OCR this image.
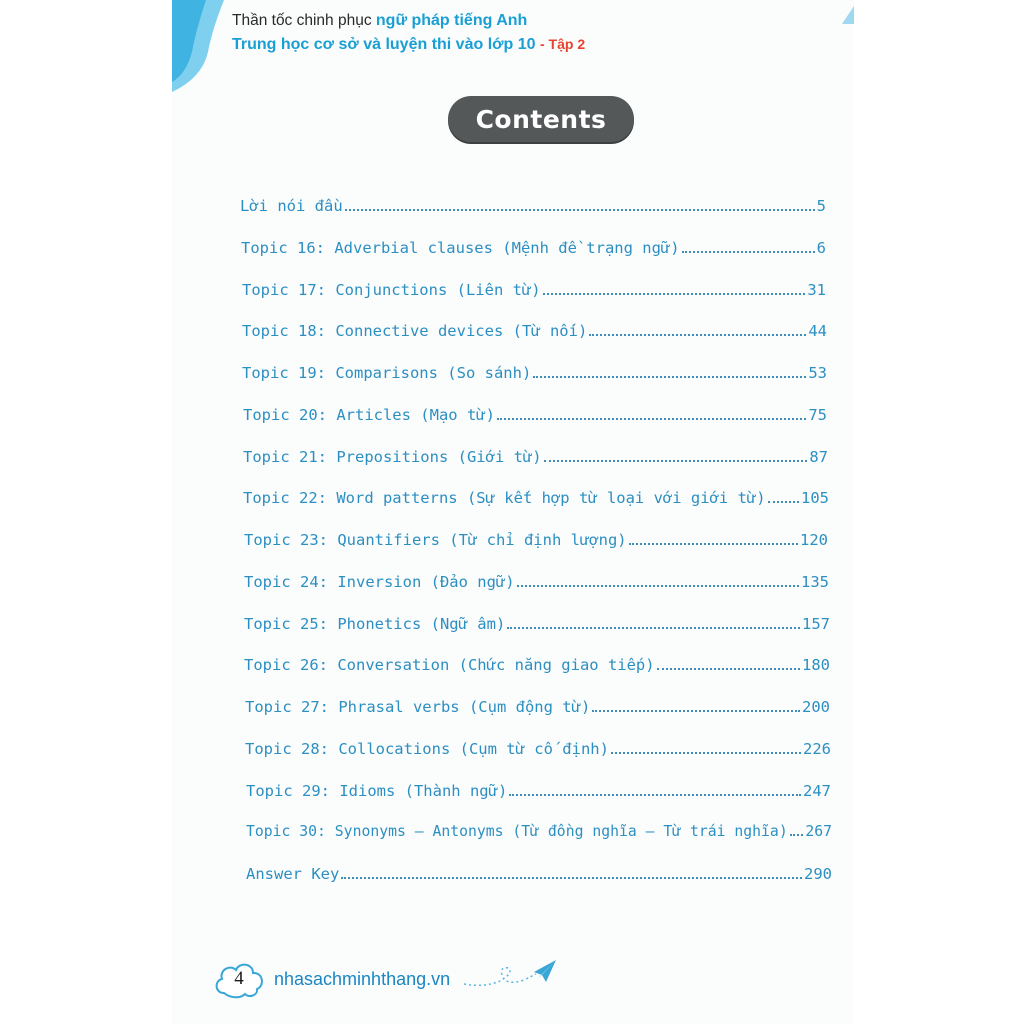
Thần tốc chinh phục ngữ pháp tiếng Anh
Trung học cơ sở và luyện thi vào lớp 10 - Tập 2
Contents
Lời nói đầu	5
Topic 16: Adverbial clauses (Mệnh đề trạng ngữ)	6
Topic 17: Conjunctions (Liên từ)	31
Topic 18: Connective devices (Từ nối)	44
Topic 19: Comparisons (So sánh)	53
Topic 20: Articles (Mạo từ)	75
Topic 21: Prepositions (Giới từ)	87
Topic 22: Word patterns (Sự kết hợp từ loại với giới từ) 105
Topic 23: Quantifiers (Từ chỉ định lượng)	120
Topic 24: Inversion (Đảo ngữ)	135
Topic 25: Phonetics (Ngữ âm)	157
Topic 26: Conversation (Chức năng giao tiếp)	180
Topic 27: Phrasal verbs (Cụm động từ)	200
Topic 28: Collocations (Cụm từ cố định)	226
Topic 29: Idioms (Thành ngữ)	247
Topic 30: Synonyms – Antonyms (Từ đồng nghĩa – Từ trái nghĩa) 267
Answer Key	290
4	nhasachminhthang.vn
